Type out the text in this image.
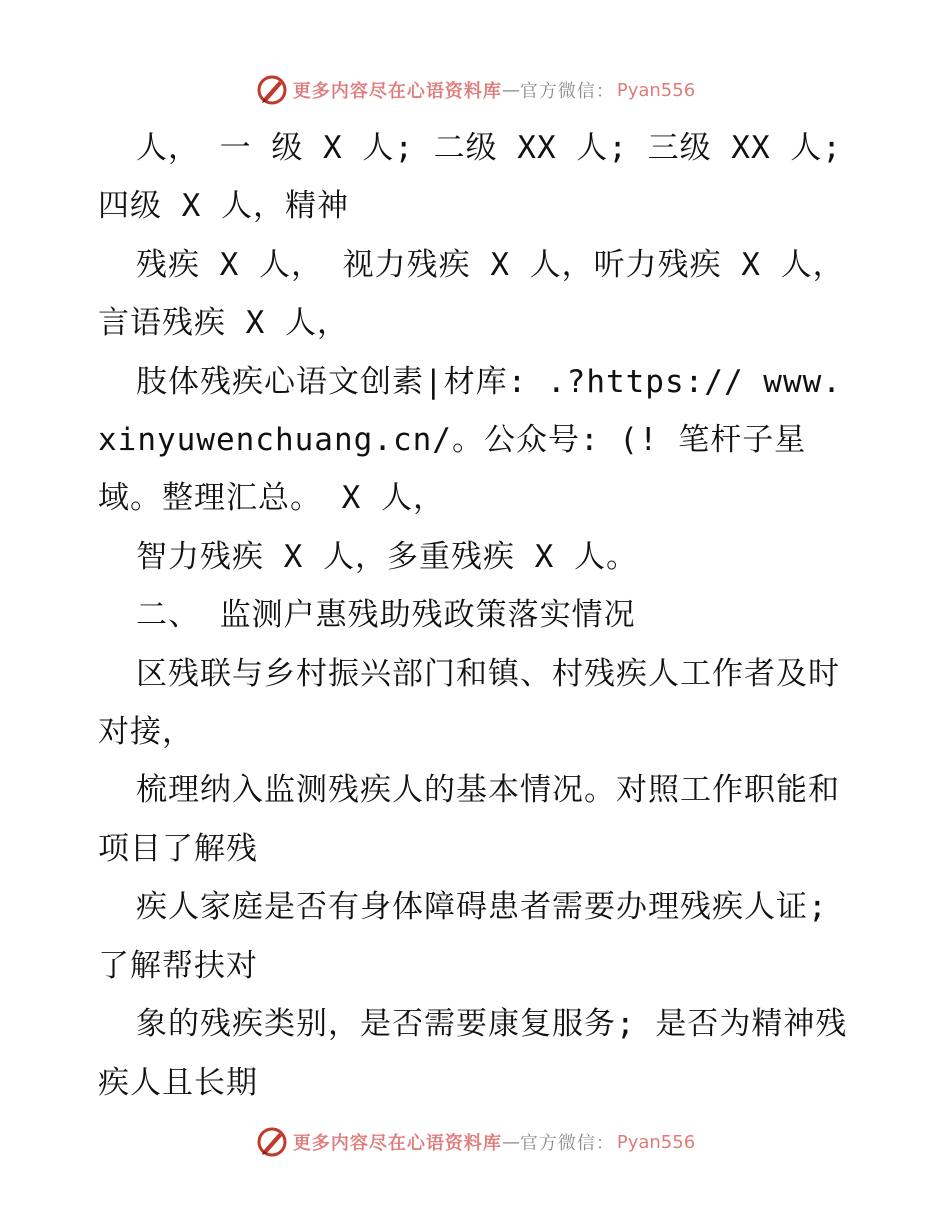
更多内容尽在心语资料库 — 官方微信： Pyan556

人， 一 级 X 人; 二级 XX 人; 三级 XX 人; 四级 X 人，精神

残疾 X 人， 视力残疾 X 人，听力残疾 X 人，言语残疾 X 人，

肢体残疾心语文创素|材库: .?https:// www.xinyuwenchuang.cn/。公众号: (! 笔杆子星域。整理汇总。 X 人，

智力残疾 X 人，多重残疾 X 人。

二、 监测户惠残助残政策落实情况

区残联与乡村振兴部门和镇、村残疾人工作者及时对接，

梳理纳入监测残疾人的基本情况。对照工作职能和项目了解残

疾人家庭是否有身体障碍患者需要办理残疾人证; 了解帮扶对

象的残疾类别，是否需要康复服务; 是否为精神残疾人且长期

更多内容尽在心语资料库 — 官方微信： Pyan556
